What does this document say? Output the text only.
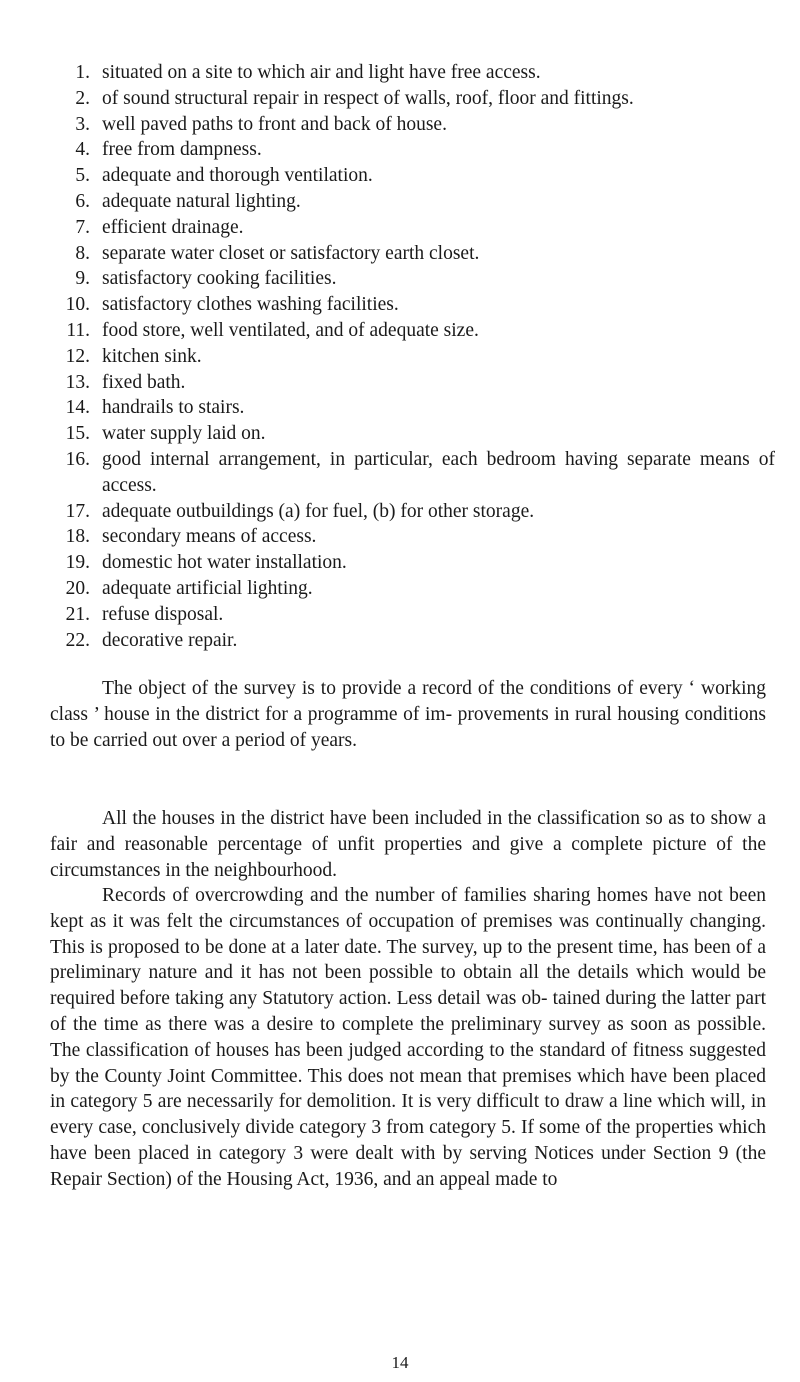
1. situated on a site to which air and light have free access.
2. of sound structural repair in respect of walls, roof, floor and fittings.
3. well paved paths to front and back of house.
4. free from dampness.
5. adequate and thorough ventilation.
6. adequate natural lighting.
7. efficient drainage.
8. separate water closet or satisfactory earth closet.
9. satisfactory cooking facilities.
10. satisfactory clothes washing facilities.
11. food store, well ventilated, and of adequate size.
12. kitchen sink.
13. fixed bath.
14. handrails to stairs.
15. water supply laid on.
16. good internal arrangement, in particular, each bedroom having separate means of access.
17. adequate outbuildings (a) for fuel, (b) for other storage.
18. secondary means of access.
19. domestic hot water installation.
20. adequate artificial lighting.
21. refuse disposal.
22. decorative repair.

The object of the survey is to provide a record of the conditions of every ‘ working class ’ house in the district for a programme of im- provements in rural housing conditions to be carried out over a period of years.

All the houses in the district have been included in the classification so as to show a fair and reasonable percentage of unfit properties and give a complete picture of the circumstances in the neighbourhood.

Records of overcrowding and the number of families sharing homes have not been kept as it was felt the circumstances of occupation of premises was continually changing. This is proposed to be done at a later date. The survey, up to the present time, has been of a preliminary nature and it has not been possible to obtain all the details which would be required before taking any Statutory action. Less detail was ob- tained during the latter part of the time as there was a desire to complete the preliminary survey as soon as possible. The classification of houses has been judged according to the standard of fitness suggested by the County Joint Committee. This does not mean that premises which have been placed in category 5 are necessarily for demolition. It is very difficult to draw a line which will, in every case, conclusively divide category 3 from category 5. If some of the properties which have been placed in category 3 were dealt with by serving Notices under Section 9 (the Repair Section) of the Housing Act, 1936, and an appeal made to

14
